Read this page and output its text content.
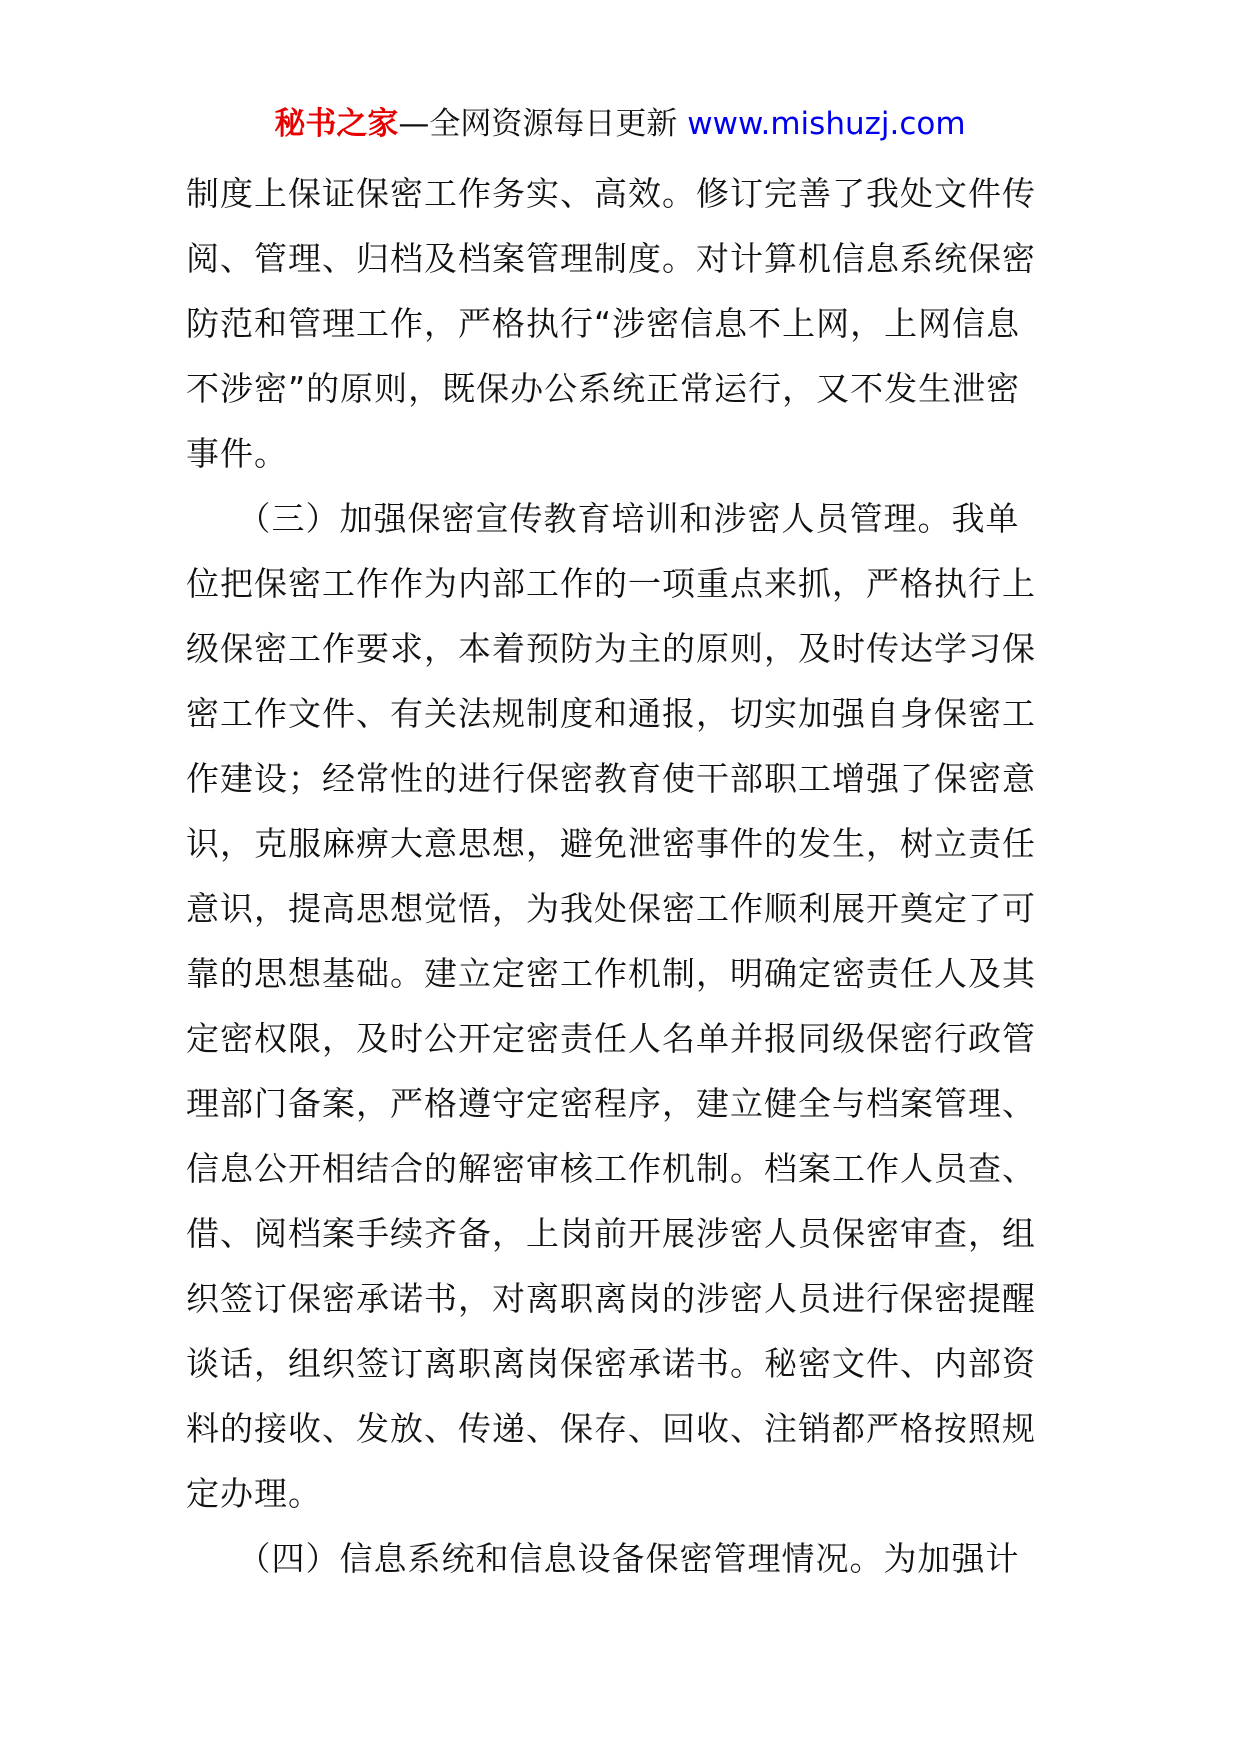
秘书之家—全网资源每日更新 www.mishuzj.com
制度上保证保密工作务实、高效。修订完善了我处文件传
阅、管理、归档及档案管理制度。对计算机信息系统保密
防范和管理工作，严格执行“涉密信息不上网，上网信息
不涉密”的原则，既保办公系统正常运行，又不发生泄密
事件。
　　（三）加强保密宣传教育培训和涉密人员管理。我单
位把保密工作作为内部工作的一项重点来抓，严格执行上
级保密工作要求，本着预防为主的原则，及时传达学习保
密工作文件、有关法规制度和通报，切实加强自身保密工
作建设；经常性的进行保密教育使干部职工增强了保密意
识，克服麻痹大意思想，避免泄密事件的发生，树立责任
意识，提高思想觉悟，为我处保密工作顺利展开奠定了可
靠的思想基础。建立定密工作机制，明确定密责任人及其
定密权限，及时公开定密责任人名单并报同级保密行政管
理部门备案，严格遵守定密程序，建立健全与档案管理、
信息公开相结合的解密审核工作机制。档案工作人员查、
借、阅档案手续齐备，上岗前开展涉密人员保密审查，组
织签订保密承诺书，对离职离岗的涉密人员进行保密提醒
谈话，组织签订离职离岗保密承诺书。秘密文件、内部资
料的接收、发放、传递、保存、回收、注销都严格按照规
定办理。
　　（四）信息系统和信息设备保密管理情况。为加强计
